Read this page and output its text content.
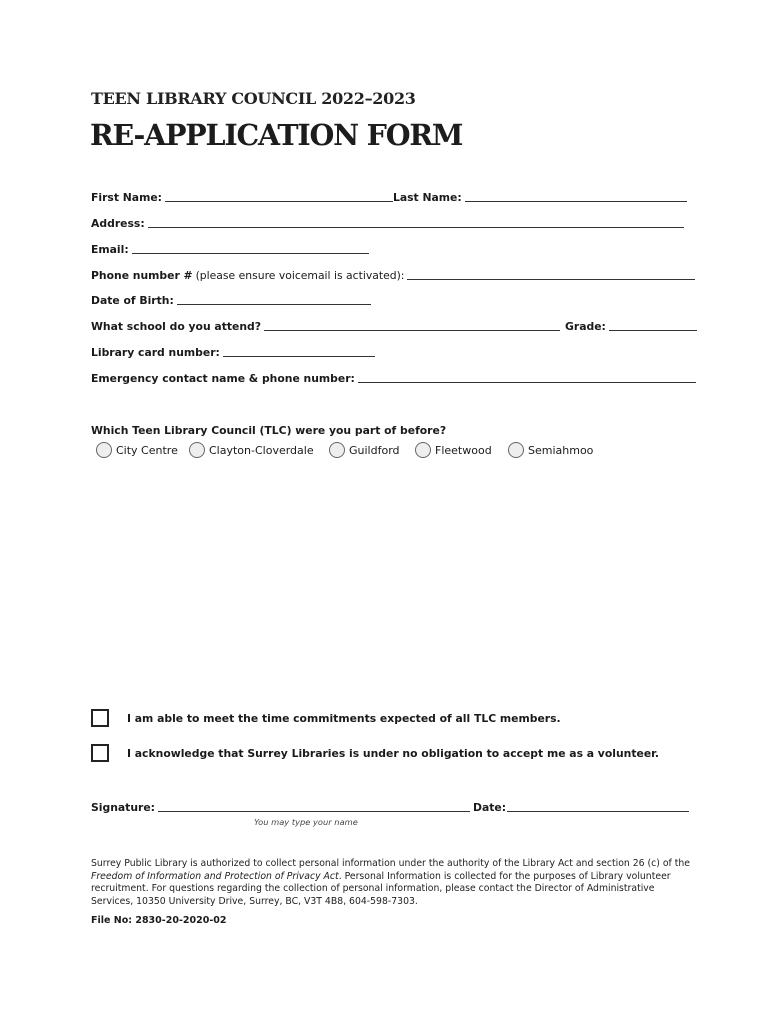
TEEN LIBRARY COUNCIL 2022–2023
RE-APPLICATION FORM
First Name:	Last Name:
Address:
Email:
Phone number # (please ensure voicemail is activated):
Date of Birth:
What school do you attend?	Grade:
Library card number:
Emergency contact name & phone number:
Which Teen Library Council (TLC) were you part of before?
City Centre	Clayton-Cloverdale	Guildford	Fleetwood	Semiahmoo
I am able to meet the time commitments expected of all TLC members.
I acknowledge that Surrey Libraries is under no obligation to accept me as a volunteer.
Signature:	Date:
You may type your name
Surrey Public Library is authorized to collect personal information under the authority of the Library Act and section 26 (c) of the Freedom of Information and Protection of Privacy Act. Personal Information is collected for the purposes of Library volunteer recruitment. For questions regarding the collection of personal information, please contact the Director of Administrative Services, 10350 University Drive, Surrey, BC, V3T 4B8, 604-598-7303.
File No: 2830-20-2020-02
